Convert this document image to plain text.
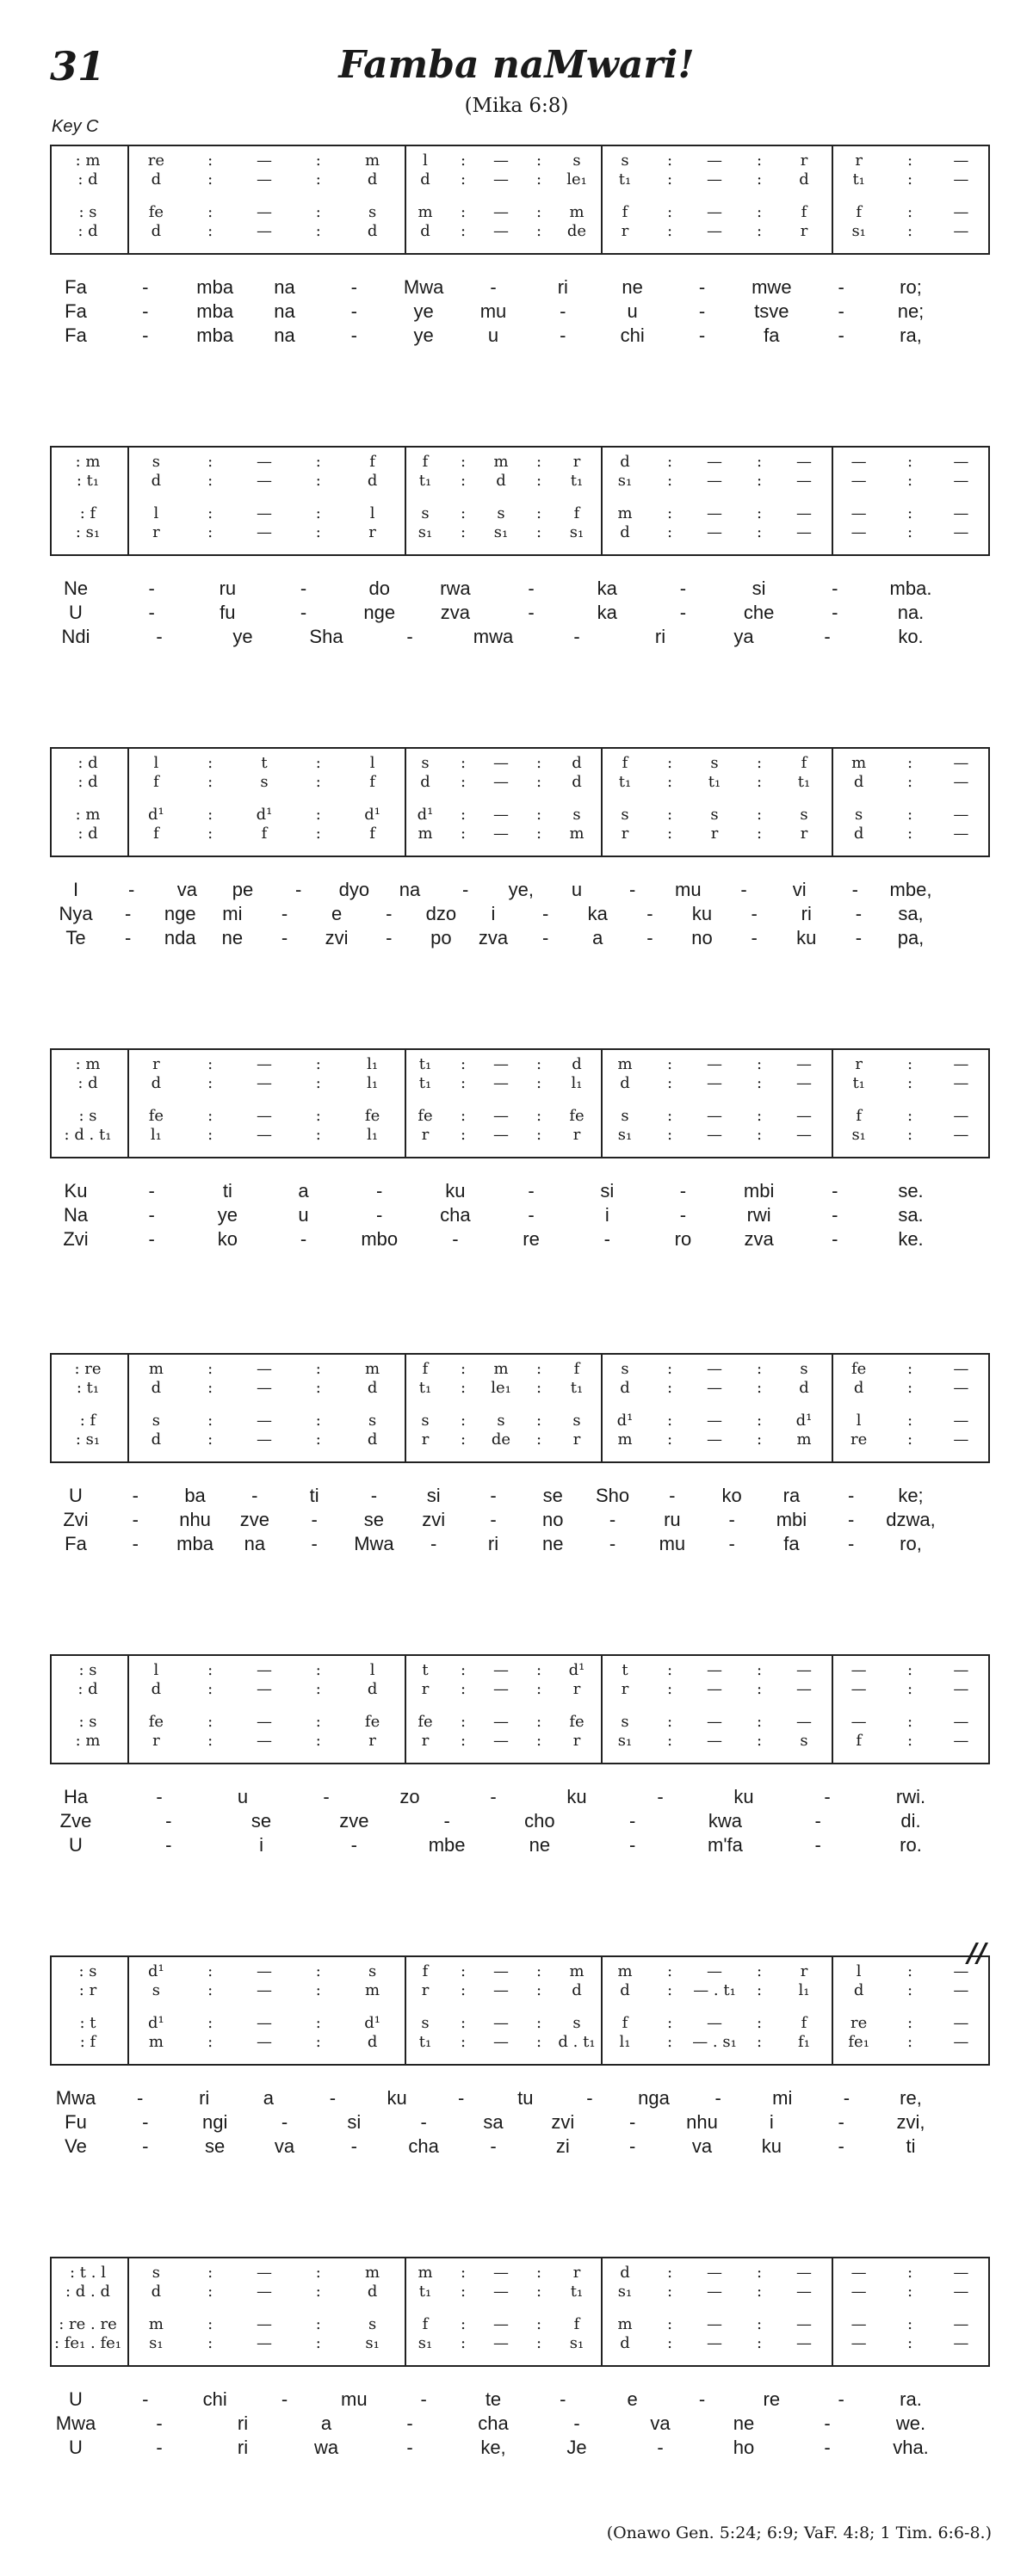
31	Famba naMwari!
(Mika 6:8)
Key C
: m	re	:	—	:	m	l	:	—	:	s	s	:	—	:	r	r	:	—
: d	d	:	—	:	d	d	:	—	:	le₁	t₁	:	—	:	d	t₁	:	—
: s	fe	:	—	:	s	m	:	—	:	m	f	:	—	:	f	f	:	—
: d	d	:	—	:	d	d	:	—	:	de	r	:	—	:	r	s₁	:	—
Fa	-	mba na	- Mwa -	ri	ne	- mwe -	ro;
Fa	-	mba na	-	ye mu	-	u	-	tsve	-	ne;
Fa	-	mba na	-	ye	u	-	chi	-	fa	-	ra,
: m	s	:	—	:	f	f	:	m	:	r	d	:	—	:	—	—	:	—
: t₁	d	:	—	:	d	t₁	:	d	:	t₁	s₁	:	—	:	—	—	:	—
: f	l	:	—	:	l	s	:	s	:	f	m	:	—	:	—	—	:	—
: s₁	r	:	—	:	r	s₁	:	s₁	:	s₁	d	:	—	:	—	—	:	—
Ne	-	ru	-	do	rwa	-	ka	-	si	-	mba.
U	-	fu	-	nge zva	-	ka	-	che	-	na.
Ndi	-	ye	Sha	-	mwa	-	ri	ya	-	ko.
: d	l	:	t	:	l	s	:	—	:	d	f	:	s	:	f	m	:	—
: d	f	:	s	:	f	d	:	—	:	d	t₁	:	t₁	:	t₁	d	:	—
: m	d¹	:	d¹	:	d¹	d¹	:	—	:	s	s	:	s	:	s	s	:	—
: d	f	:	f	:	f	m	:	—	:	m	r	:	r	:	r	d	:	—
I	- va pe - dyo na - ye, u - mu - vi - mbe,
Nya - nge mi - e - dzo i - ka - ku - ri - sa,
Te - nda ne - zvi - po zva - a - no - ku - pa,
: m	r	:	—	:	l₁	t₁	:	—	:	d	m	:	—	:	—	r	:	—
: d	d	:	—	:	l₁	t₁	:	—	:	l₁	d	:	—	:	—	t₁	:	—
: s	fe	:	—	:	fe	fe	:	—	:	fe	s	:	—	:	—	f	:	—
: d . t₁	l₁	:	—	:	l₁	r	:	—	:	r	s₁	:	—	:	—	s₁	:	—
Ku	-	ti	a	-	ku	-	si	-	mbi	-	se.
Na	-	ye	u	-	cha	-	i	-	rwi	-	sa.
Zvi	-	ko	-	mbo	-	re	-	ro	zva	-	ke.
: re	m	:	—	:	m	f	:	m	:	f	s	:	—	:	s	fe	:	—
: t₁	d	:	—	:	d	t₁	:	le₁	:	t₁	d	:	—	:	d	d	:	—
: f	s	:	—	:	s	s	:	s	:	s	d¹	:	—	:	d¹	l	:	—
: s₁	d	:	—	:	d	r	:	de	:	r	m	:	—	:	m	re	:	—
U	- ba -	ti	-	si	- se Sho - ko ra	- ke;
Zvi - nhu zve - se zvi - no -	ru	- mbi - dzwa,
Fa - mba na - Mwa -	ri ne - mu -	fa	- ro,
: s	l	:	—	:	l	t	:	—	:	d¹	t	:	—	:	—	—	:	—
: d	d	:	—	:	d	r	:	—	:	r	r	:	—	:	—	—	:	—
: s	fe	:	—	:	fe	fe	:	—	:	fe	s	:	—	:	—	—	:	—
: m	r	:	—	:	r	r	:	—	:	r	s₁	:	—	:	s	f	:	—
Ha	-	u	-	zo	-	ku	-	ku	-	rwi.
Zve	-	se	zve	-	cho	-	kwa	-	di.
U	-	i	-	mbe	ne	-	m'fa	-	ro.
: s	d¹	:	—	:	s	f	:	—	:	m	m	:	—	:	r	l	:	—
: r	s	:	—	:	m	r	:	—	:	d	d	:	— . t₁	:	l₁	d	:	—
: t	d¹	:	—	:	d¹	s	:	—	:	s	f	:	—	:	f	re	:	—
: f	m	:	—	:	d	t₁	:	—	:	d . t₁	l₁	:	— . s₁	:	f₁	fe₁	:	—
Mwa -	ri	a	-	ku	-	tu	- nga -	mi	-	re,
Fu	-	ngi	-	si	-	sa	zvi	-	nhu	i	-	zvi,
Ve	-	se	va	-	cha	-	zi	-	va	ku	-	ti
: t . l	s	:	—	:	m	m	:	—	:	r	d	:	—	:	—	—	:	—
: d . d	d	:	—	:	d	t₁	:	—	:	t₁	s₁	:	—	:	—	—	:	—
: re . re	m	:	—	:	s	f	:	—	:	f	m	:	—	:	—	—	:	—
: fe₁ . fe₁	s₁	:	—	:	s₁	s₁	:	—	:	s₁	d	:	—	:	—	—	:	—
U	-	chi	-	mu	-	te	-	e	-	re	-	ra.
Mwa	-	ri	a	-	cha	-	va	ne	-	we.
U	-	ri	wa	-	ke,	Je	-	ho	-	vha.
//
(Onawo Gen. 5:24; 6:9; VaF. 4:8; 1 Tim. 6:6-8.)
